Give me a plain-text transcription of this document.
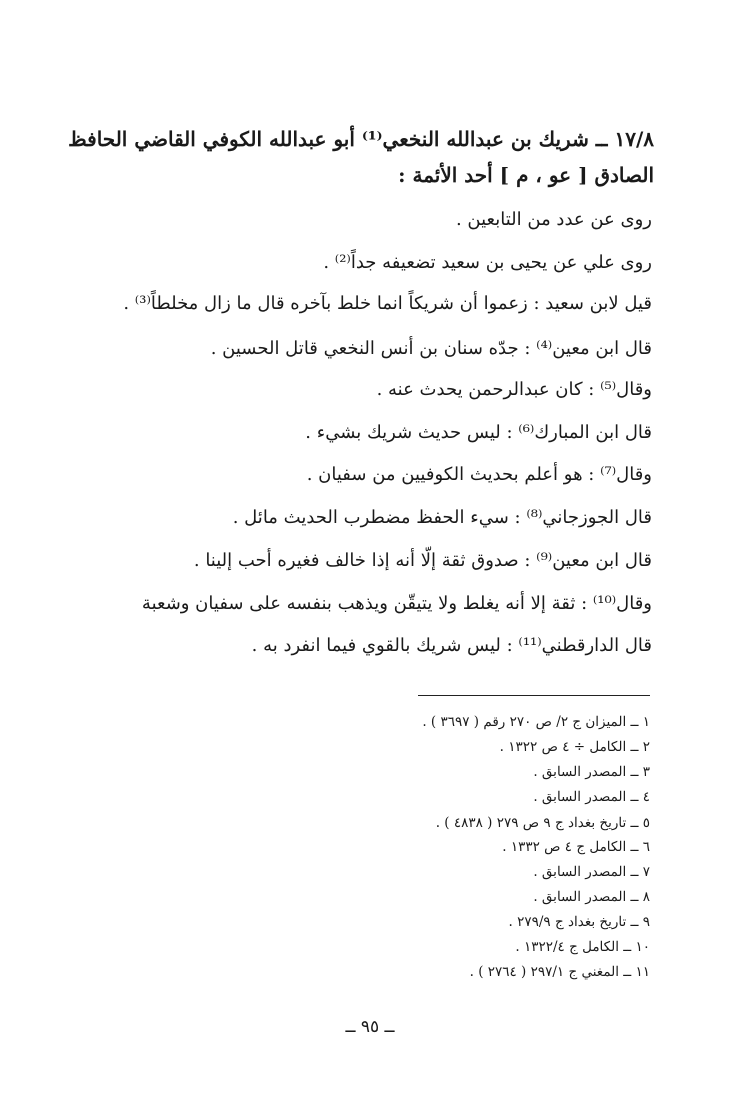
١٧/٨ ــ شريك بن عبدالله النخعي⁽¹⁾ أبو عبدالله الكوفي القاضي الحافظ
الصادق [ عو ، م ] أحد الأئمة :
روى عن عدد من التابعين .
روى علي عن يحيى بن سعيد تضعيفه جداً⁽²⁾ .
قيل لابن سعيد : زعموا أن شريكاً انما خلط بآخره قال ما زال مخلطاً⁽³⁾ .
قال ابن معين⁽⁴⁾ : جدّه سنان بن أنس النخعي قاتل الحسين .
وقال⁽⁵⁾ : كان عبدالرحمن يحدث عنه .
قال ابن المبارك⁽⁶⁾ : ليس حديث شريك بشيء .
وقال⁽⁷⁾ : هو أعلم بحديث الكوفيين من سفيان .
قال الجوزجاني⁽⁸⁾ : سيء الحفظ مضطرب الحديث مائل .
قال ابن معين⁽⁹⁾ : صدوق ثقة إلّا أنه إذا خالف فغيره أحب إلينا .
وقال⁽¹⁰⁾ : ثقة إلا أنه يغلط ولا يتيقّن ويذهب بنفسه على سفيان وشعبة
قال الدارقطني⁽¹¹⁾ : ليس شريك بالقوي فيما انفرد به .
١ ــ الميزان ج ٢/ ص ٢٧٠ رقم ( ٣٦٩٧ ) .
٢ ــ الكامل ÷ ٤ ص ١٣٢٢ .
٣ ــ المصدر السابق .
٤ ــ المصدر السابق .
٥ ــ تاريخ بغداد ج ٩ ص ٢٧٩ ( ٤٨٣٨ ) .
٦ ــ الكامل ج ٤ ص ١٣٣٢ .
٧ ــ المصدر السابق .
٨ ــ المصدر السابق .
٩ ــ تاريخ بغداد ج ٢٧٩/٩ .
١٠ ــ الكامل ج ١٣٢٢/٤ .
١١ ــ المغني ج ٢٩٧/١ ( ٢٧٦٤ ) .
ــ ٩٥ ــ
